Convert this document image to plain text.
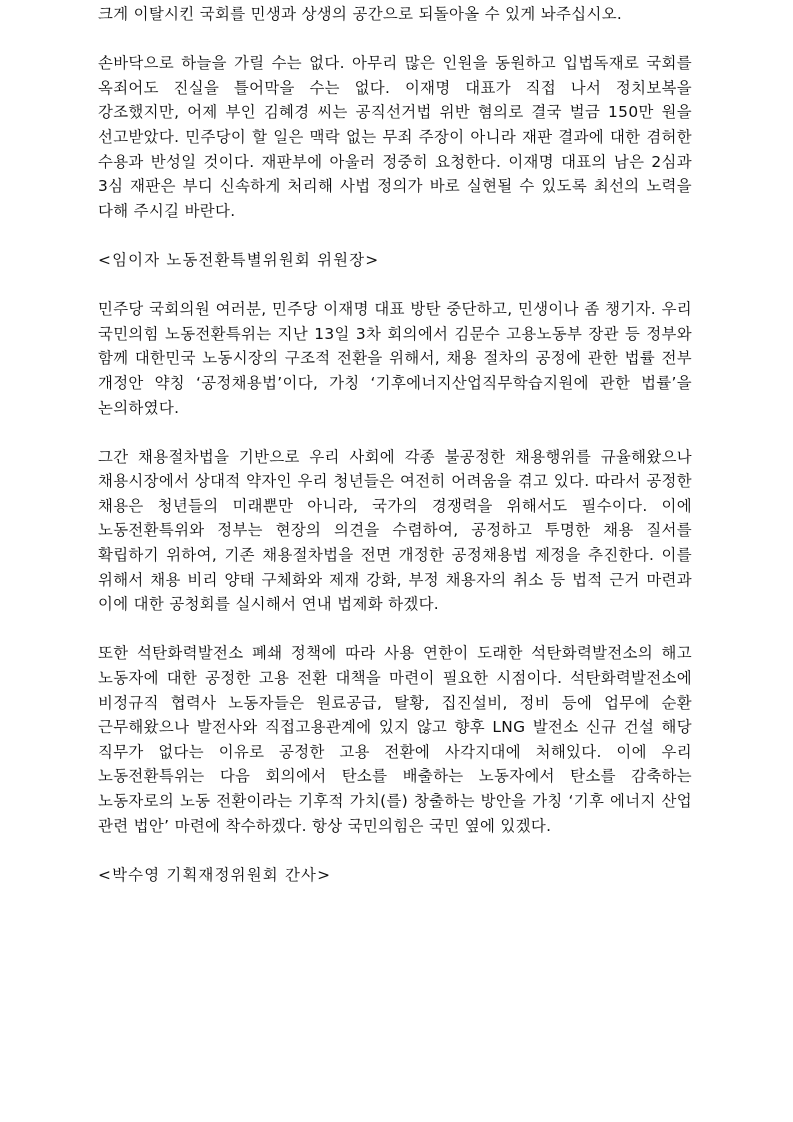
크게 이탈시킨 국회를 민생과 상생의 공간으로 되돌아올 수 있게 놔주십시오.

손바닥으로 하늘을 가릴 수는 없다. 아무리 많은 인원을 동원하고 입법독재로 국회를 옥죄어도 진실을 틀어막을 수는 없다. 이재명 대표가 직접 나서 정치보복을 강조했지만, 어제 부인 김혜경 씨는 공직선거법 위반 혐의로 결국 벌금 150만 원을 선고받았다. 민주당이 할 일은 맥락 없는 무죄 주장이 아니라 재판 결과에 대한 겸허한 수용과 반성일 것이다. 재판부에 아울러 정중히 요청한다. 이재명 대표의 남은 2심과 3심 재판은 부디 신속하게 처리해 사법 정의가 바로 실현될 수 있도록 최선의 노력을 다해 주시길 바란다.

<임이자 노동전환특별위원회 위원장>

민주당 국회의원 여러분, 민주당 이재명 대표 방탄 중단하고, 민생이나 좀 챙기자. 우리 국민의힘 노동전환특위는 지난 13일 3차 회의에서 김문수 고용노동부 장관 등 정부와 함께 대한민국 노동시장의 구조적 전환을 위해서, 채용 절차의 공정에 관한 법률 전부 개정안 약칭 ‘공정채용법’이다, 가칭 ‘기후에너지산업직무학습지원에 관한 법률’을 논의하였다.

그간 채용절차법을 기반으로 우리 사회에 각종 불공정한 채용행위를 규율해왔으나 채용시장에서 상대적 약자인 우리 청년들은 여전히 어려움을 겪고 있다. 따라서 공정한 채용은 청년들의 미래뿐만 아니라, 국가의 경쟁력을 위해서도 필수이다. 이에 노동전환특위와 정부는 현장의 의견을 수렴하여, 공정하고 투명한 채용 질서를 확립하기 위하여, 기존 채용절차법을 전면 개정한 공정채용법 제정을 추진한다. 이를 위해서 채용 비리 양태 구체화와 제재 강화, 부정 채용자의 취소 등 법적 근거 마련과 이에 대한 공청회를 실시해서 연내 법제화 하겠다.

또한 석탄화력발전소 폐쇄 정책에 따라 사용 연한이 도래한 석탄화력발전소의 해고 노동자에 대한 공정한 고용 전환 대책을 마련이 필요한 시점이다. 석탄화력발전소에 비정규직 협력사 노동자들은 원료공급, 탈황, 집진설비, 정비 등에 업무에 순환 근무해왔으나 발전사와 직접고용관계에 있지 않고 향후 LNG 발전소 신규 건설 해당 직무가 없다는 이유로 공정한 고용 전환에 사각지대에 처해있다. 이에 우리 노동전환특위는 다음 회의에서 탄소를 배출하는 노동자에서 탄소를 감축하는 노동자로의 노동 전환이라는 기후적 가치(를) 창출하는 방안을 가칭 ‘기후 에너지 산업 관련 법안’ 마련에 착수하겠다. 항상 국민의힘은 국민 옆에 있겠다.

<박수영 기획재정위원회 간사>
